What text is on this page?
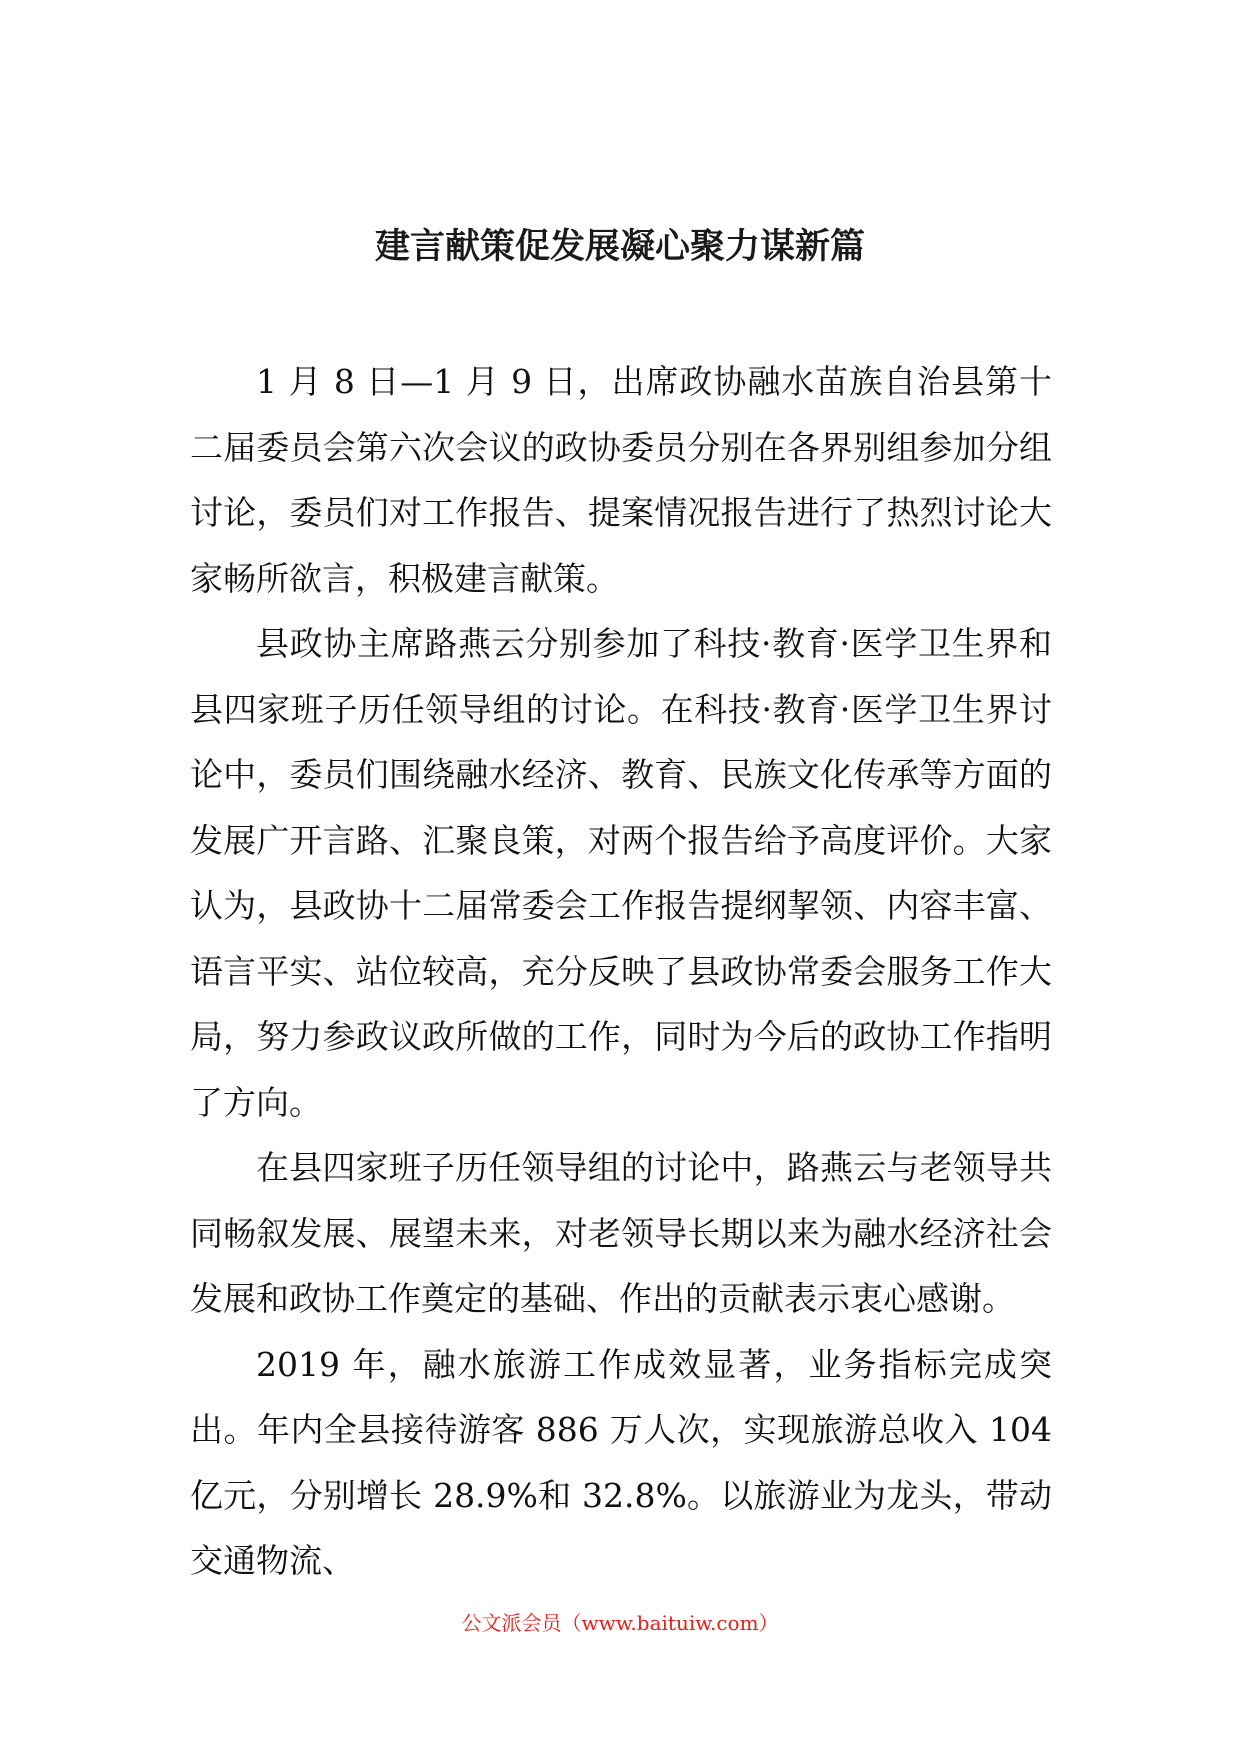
建言献策促发展凝心聚力谋新篇

1 月 8 日—1 月 9 日，出席政协融水苗族自治县第十二届委员会第六次会议的政协委员分别在各界别组参加分组讨论，委员们对工作报告、提案情况报告进行了热烈讨论大家畅所欲言，积极建言献策。

县政协主席路燕云分别参加了科技·教育·医学卫生界和县四家班子历任领导组的讨论。在科技·教育·医学卫生界讨论中，委员们围绕融水经济、教育、民族文化传承等方面的发展广开言路、汇聚良策，对两个报告给予高度评价。大家认为，县政协十二届常委会工作报告提纲挈领、内容丰富、语言平实、站位较高，充分反映了县政协常委会服务工作大局，努力参政议政所做的工作，同时为今后的政协工作指明了方向。

在县四家班子历任领导组的讨论中，路燕云与老领导共同畅叙发展、展望未来，对老领导长期以来为融水经济社会发展和政协工作奠定的基础、作出的贡献表示衷心感谢。

2019 年，融水旅游工作成效显著，业务指标完成突出。年内全县接待游客 886 万人次，实现旅游总收入 104 亿元，分别增长 28.9%和 32.8%。以旅游业为龙头，带动交通物流、

公文派会员（www.baituiw.com）
